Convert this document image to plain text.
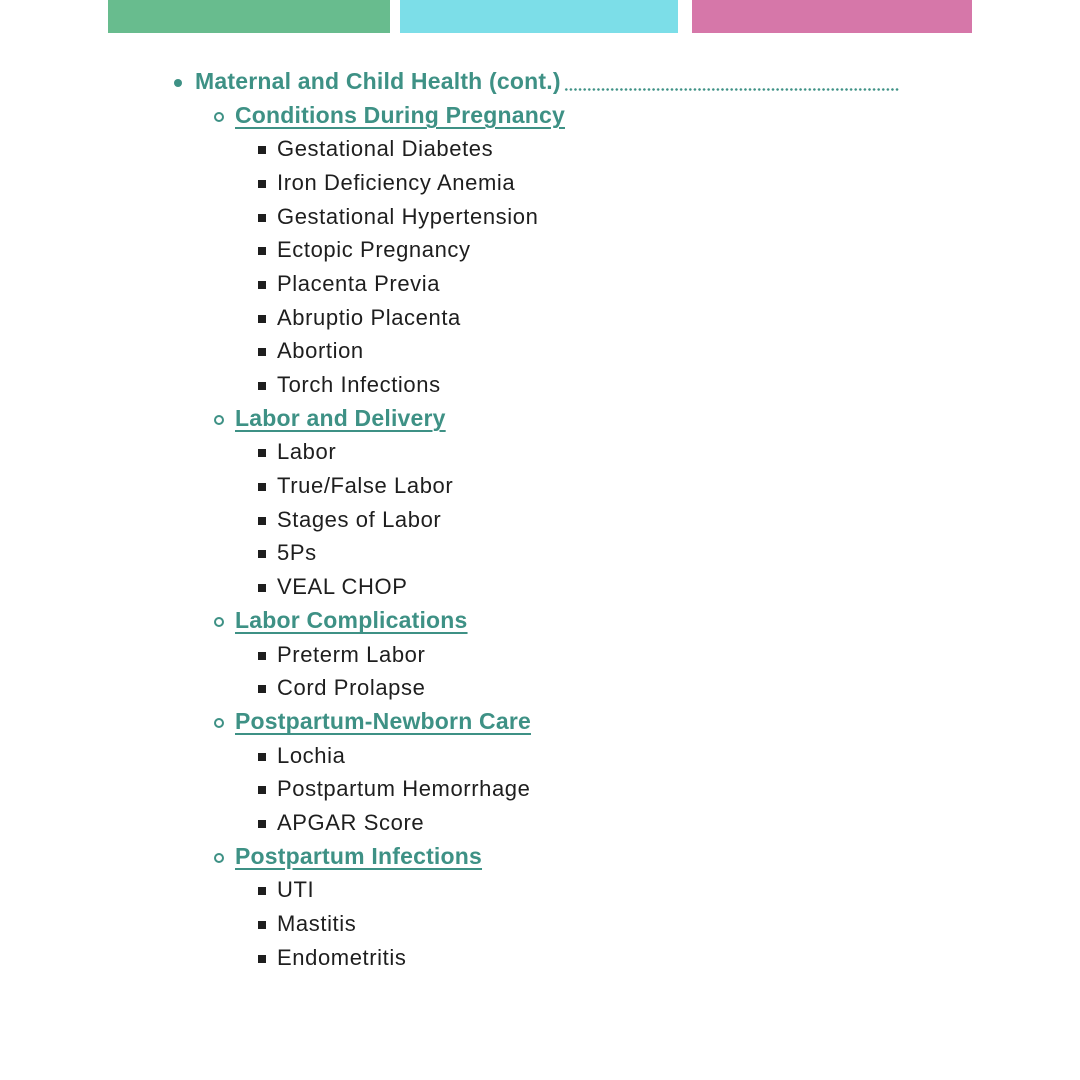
Maternal and Child Health (cont.)
Conditions During Pregnancy
Gestational Diabetes
Iron Deficiency Anemia
Gestational Hypertension
Ectopic Pregnancy
Placenta Previa
Abruptio Placenta
Abortion
Torch Infections
Labor and Delivery
Labor
True/False Labor
Stages of Labor
5Ps
VEAL CHOP
Labor Complications
Preterm Labor
Cord Prolapse
Postpartum-Newborn Care
Lochia
Postpartum Hemorrhage
APGAR Score
Postpartum Infections
UTI
Mastitis
Endometritis
